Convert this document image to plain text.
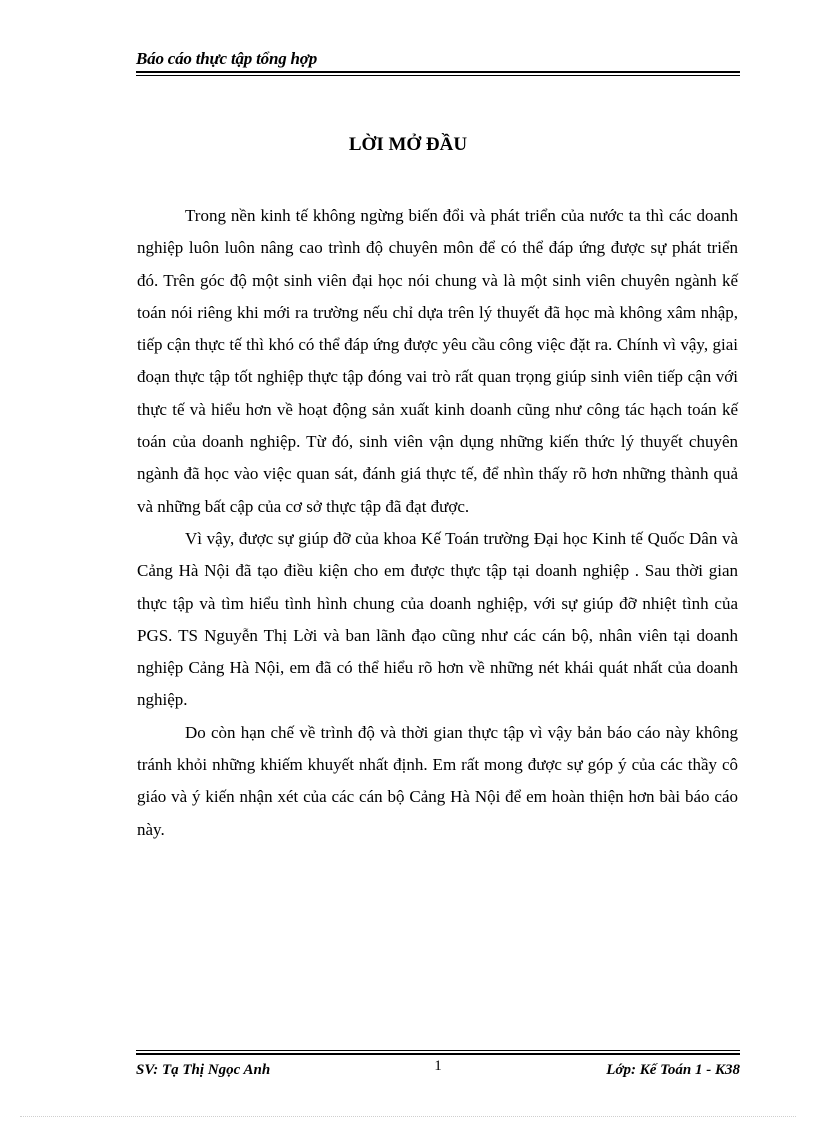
Báo cáo thực tập tổng hợp
LỜI MỞ ĐẦU

Trong nền kinh tế không ngừng biến đổi và phát triển của nước ta thì các doanh nghiệp luôn luôn nâng cao trình độ chuyên môn để có thể đáp ứng được sự phát triển đó. Trên góc độ một sinh viên đại học nói chung và là một sinh viên chuyên ngành kế toán nói riêng khi mới ra trường nếu chỉ dựa trên lý thuyết đã học mà không xâm nhập, tiếp cận thực tế thì khó có thể đáp ứng được yêu cầu công việc đặt ra. Chính vì vậy, giai đoạn thực tập tốt nghiệp thực tập đóng vai trò rất quan trọng giúp sinh viên tiếp cận với thực tế và hiểu hơn về hoạt động sản xuất kinh doanh cũng như công tác hạch toán kế toán của doanh nghiệp. Từ đó, sinh viên vận dụng những kiến thức lý thuyết chuyên ngành đã học vào việc quan sát, đánh giá thực tế, để nhìn thấy rõ hơn những thành quả và những bất cập của cơ sở thực tập đã đạt được.

Vì vậy, được sự giúp đỡ của khoa Kế Toán trường Đại học Kinh tế Quốc Dân và Cảng Hà Nội đã tạo điều kiện cho em được thực tập tại doanh nghiệp . Sau thời gian thực tập và tìm hiểu tình hình chung của doanh nghiệp, với sự giúp đỡ nhiệt tình của PGS. TS Nguyễn Thị Lời và ban lãnh đạo cũng như các cán bộ, nhân viên tại doanh nghiệp Cảng Hà Nội, em đã có thể hiểu rõ hơn về những nét khái quát nhất của doanh nghiệp.

Do còn hạn chế về trình độ và thời gian thực tập vì vậy bản báo cáo này không tránh khỏi những khiếm khuyết nhất định. Em rất mong được sự góp ý của các thầy cô giáo và ý kiến nhận xét của các cán bộ Cảng Hà Nội để em hoàn thiện hơn bài báo cáo này.

SV: Tạ Thị Ngọc Anh	1	Lớp: Kế Toán 1 - K38
